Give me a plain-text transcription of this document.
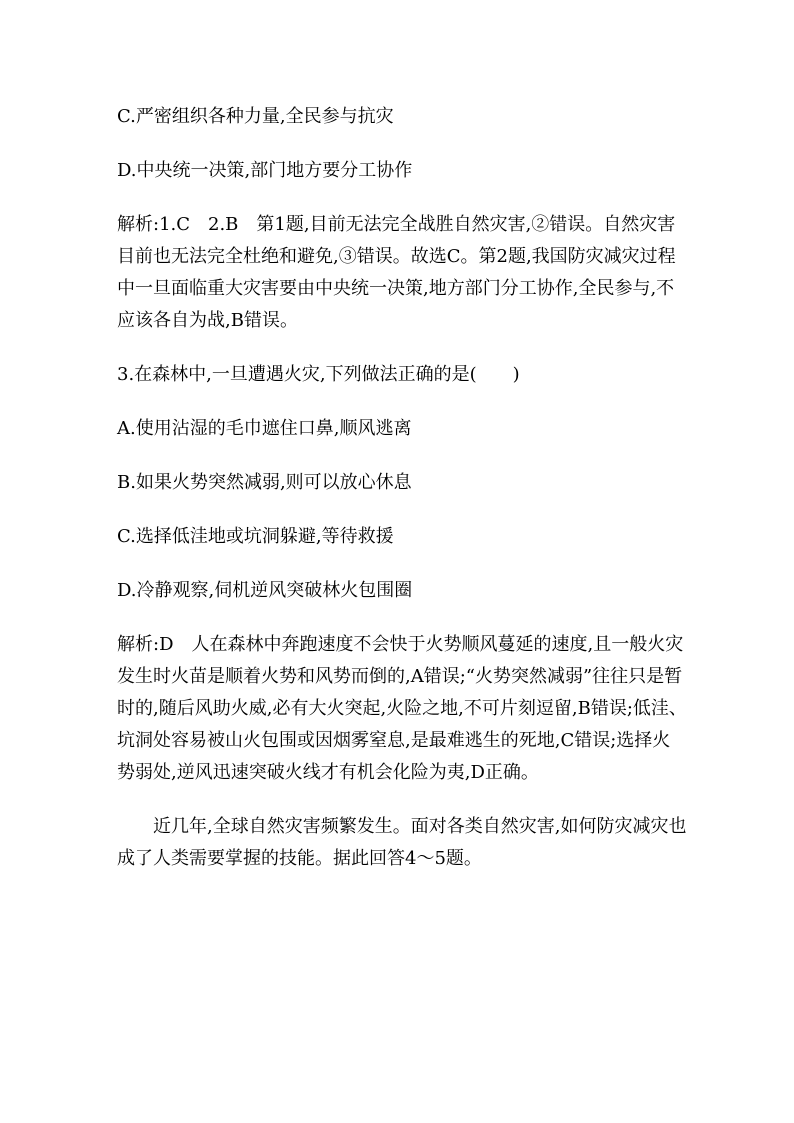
C.严密组织各种力量,全民参与抗灾

D.中央统一决策,部门地方要分工协作

解析:1.C　2.B　第1题,目前无法完全战胜自然灾害,②错误。自然灾害目前也无法完全杜绝和避免,③错误。故选C。第2题,我国防灾减灾过程中一旦面临重大灾害要由中央统一决策,地方部门分工协作,全民参与,不应该各自为战,B错误。

3.在森林中,一旦遭遇火灾,下列做法正确的是(　　)

A.使用沾湿的毛巾遮住口鼻,顺风逃离

B.如果火势突然减弱,则可以放心休息

C.选择低洼地或坑洞躲避,等待救援

D.冷静观察,伺机逆风突破林火包围圈

解析:D　人在森林中奔跑速度不会快于火势顺风蔓延的速度,且一般火灾发生时火苗是顺着火势和风势而倒的,A错误;“火势突然减弱”往往只是暂时的,随后风助火威,必有大火突起,火险之地,不可片刻逗留,B错误;低洼、坑洞处容易被山火包围或因烟雾窒息,是最难逃生的死地,C错误;选择火势弱处,逆风迅速突破火线才有机会化险为夷,D正确。

近几年,全球自然灾害频繁发生。面对各类自然灾害,如何防灾减灾也成了人类需要掌握的技能。据此回答4～5题。
